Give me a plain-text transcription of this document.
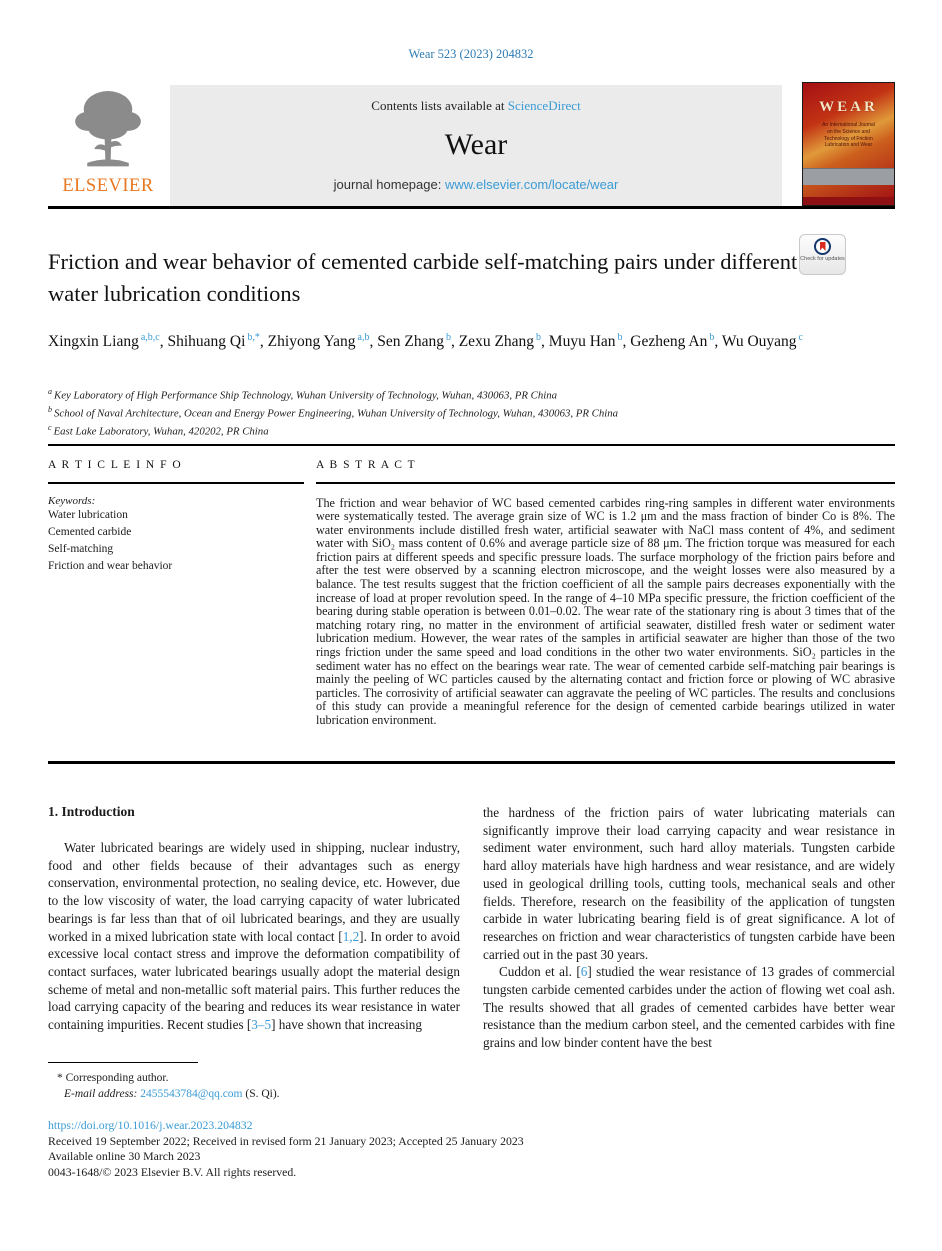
Wear 523 (2023) 204832
ELSEVIER
Contents lists available at ScienceDirect
Wear
journal homepage: www.elsevier.com/locate/wear
WEAR
An International Journal on the Science and Technology of Friction Lubrication and Wear
Friction and wear behavior of cemented carbide self-matching pairs under different water lubrication conditions
Check for updates
Xingxin Liang $^{a,b,c}$, Shihuang Qi $^{b,*}$, Zhiyong Yang $^{a,b}$, Sen Zhang $^b$, Zexu Zhang $^b$, Muyu Han $^b$, Gezheng An $^b$, Wu Ouyang $^c$
$^a$ Key Laboratory of High Performance Ship Technology, Wuhan University of Technology, Wuhan, 430063, PR China
$^b$ School of Naval Architecture, Ocean and Energy Power Engineering, Wuhan University of Technology, Wuhan, 430063, PR China
$^c$ East Lake Laboratory, Wuhan, 420202, PR China
A R T I C L E I N F O
Keywords:
Water lubrication
Cemented carbide
Self-matching
Friction and wear behavior
A B S T R A C T

The friction and wear behavior of WC based cemented carbides ring-ring samples in different water environments were systematically tested. The average grain size of WC is 1.2 μm and the mass fraction of binder Co is 8%. The water environments include distilled fresh water, artificial seawater with NaCl mass content of 4%, and sediment water with SiO₂ mass content of 0.6% and average particle size of 88 μm. The friction torque was measured for each friction pairs at different speeds and specific pressure loads. The surface morphology of the friction pairs before and after the test were observed by a scanning electron microscope, and the weight losses were also measured by a balance. The test results suggest that the friction coefficient of all the sample pairs decreases exponentially with the increase of load at proper revolution speed. In the range of 4–10 MPa specific pressure, the friction coefficient of the bearing during stable operation is between 0.01–0.02. The wear rate of the stationary ring is about 3 times that of the matching rotary ring, no matter in the environment of artificial seawater, distilled fresh water or sediment water lubrication medium. However, the wear rates of the samples in artificial seawater are higher than those of the two rings friction under the same speed and load conditions in the other two water environments. SiO₂ particles in the sediment water has no effect on the bearings wear rate. The wear of cemented carbide self-matching pair bearings is mainly the peeling of WC particles caused by the alternating contact and friction force or plowing of WC abrasive particles. The corrosivity of artificial seawater can aggravate the peeling of WC particles. The results and conclusions of this study can provide a meaningful reference for the design of cemented carbide bearings utilized in water lubrication environment.

1. Introduction

Water lubricated bearings are widely used in shipping, nuclear industry, food and other fields because of their advantages such as energy conservation, environmental protection, no sealing device, etc. However, due to the low viscosity of water, the load carrying capacity of water lubricated bearings is far less than that of oil lubricated bearings, and they are usually worked in a mixed lubrication state with local contact [1,2]. In order to avoid excessive local contact stress and improve the deformation compatibility of contact surfaces, water lubricated bearings usually adopt the material design scheme of metal and non-metallic soft material pairs. This further reduces the load carrying capacity of the bearing and reduces its wear resistance in water containing impurities. Recent studies [3–5] have shown that increasing

the hardness of the friction pairs of water lubricating materials can significantly improve their load carrying capacity and wear resistance in sediment water environment, such hard alloy materials. Tungsten carbide hard alloy materials have high hardness and wear resistance, and are widely used in geological drilling tools, cutting tools, mechanical seals and other fields. Therefore, research on the feasibility of the application of tungsten carbide in water lubricating bearing field is of great significance. A lot of researches on friction and wear characteristics of tungsten carbide have been carried out in the past 30 years.

Cuddon et al. [6] studied the wear resistance of 13 grades of commercial tungsten carbide cemented carbides under the action of flowing wet coal ash. The results showed that all grades of cemented carbides have better wear resistance than the medium carbon steel, and the cemented carbides with fine grains and low binder content have the best

* Corresponding author.
E-mail address: 2455543784@qq.com (S. Qi).
https://doi.org/10.1016/j.wear.2023.204832
Received 19 September 2022; Received in revised form 21 January 2023; Accepted 25 January 2023
Available online 30 March 2023
0043-1648/© 2023 Elsevier B.V. All rights reserved.
